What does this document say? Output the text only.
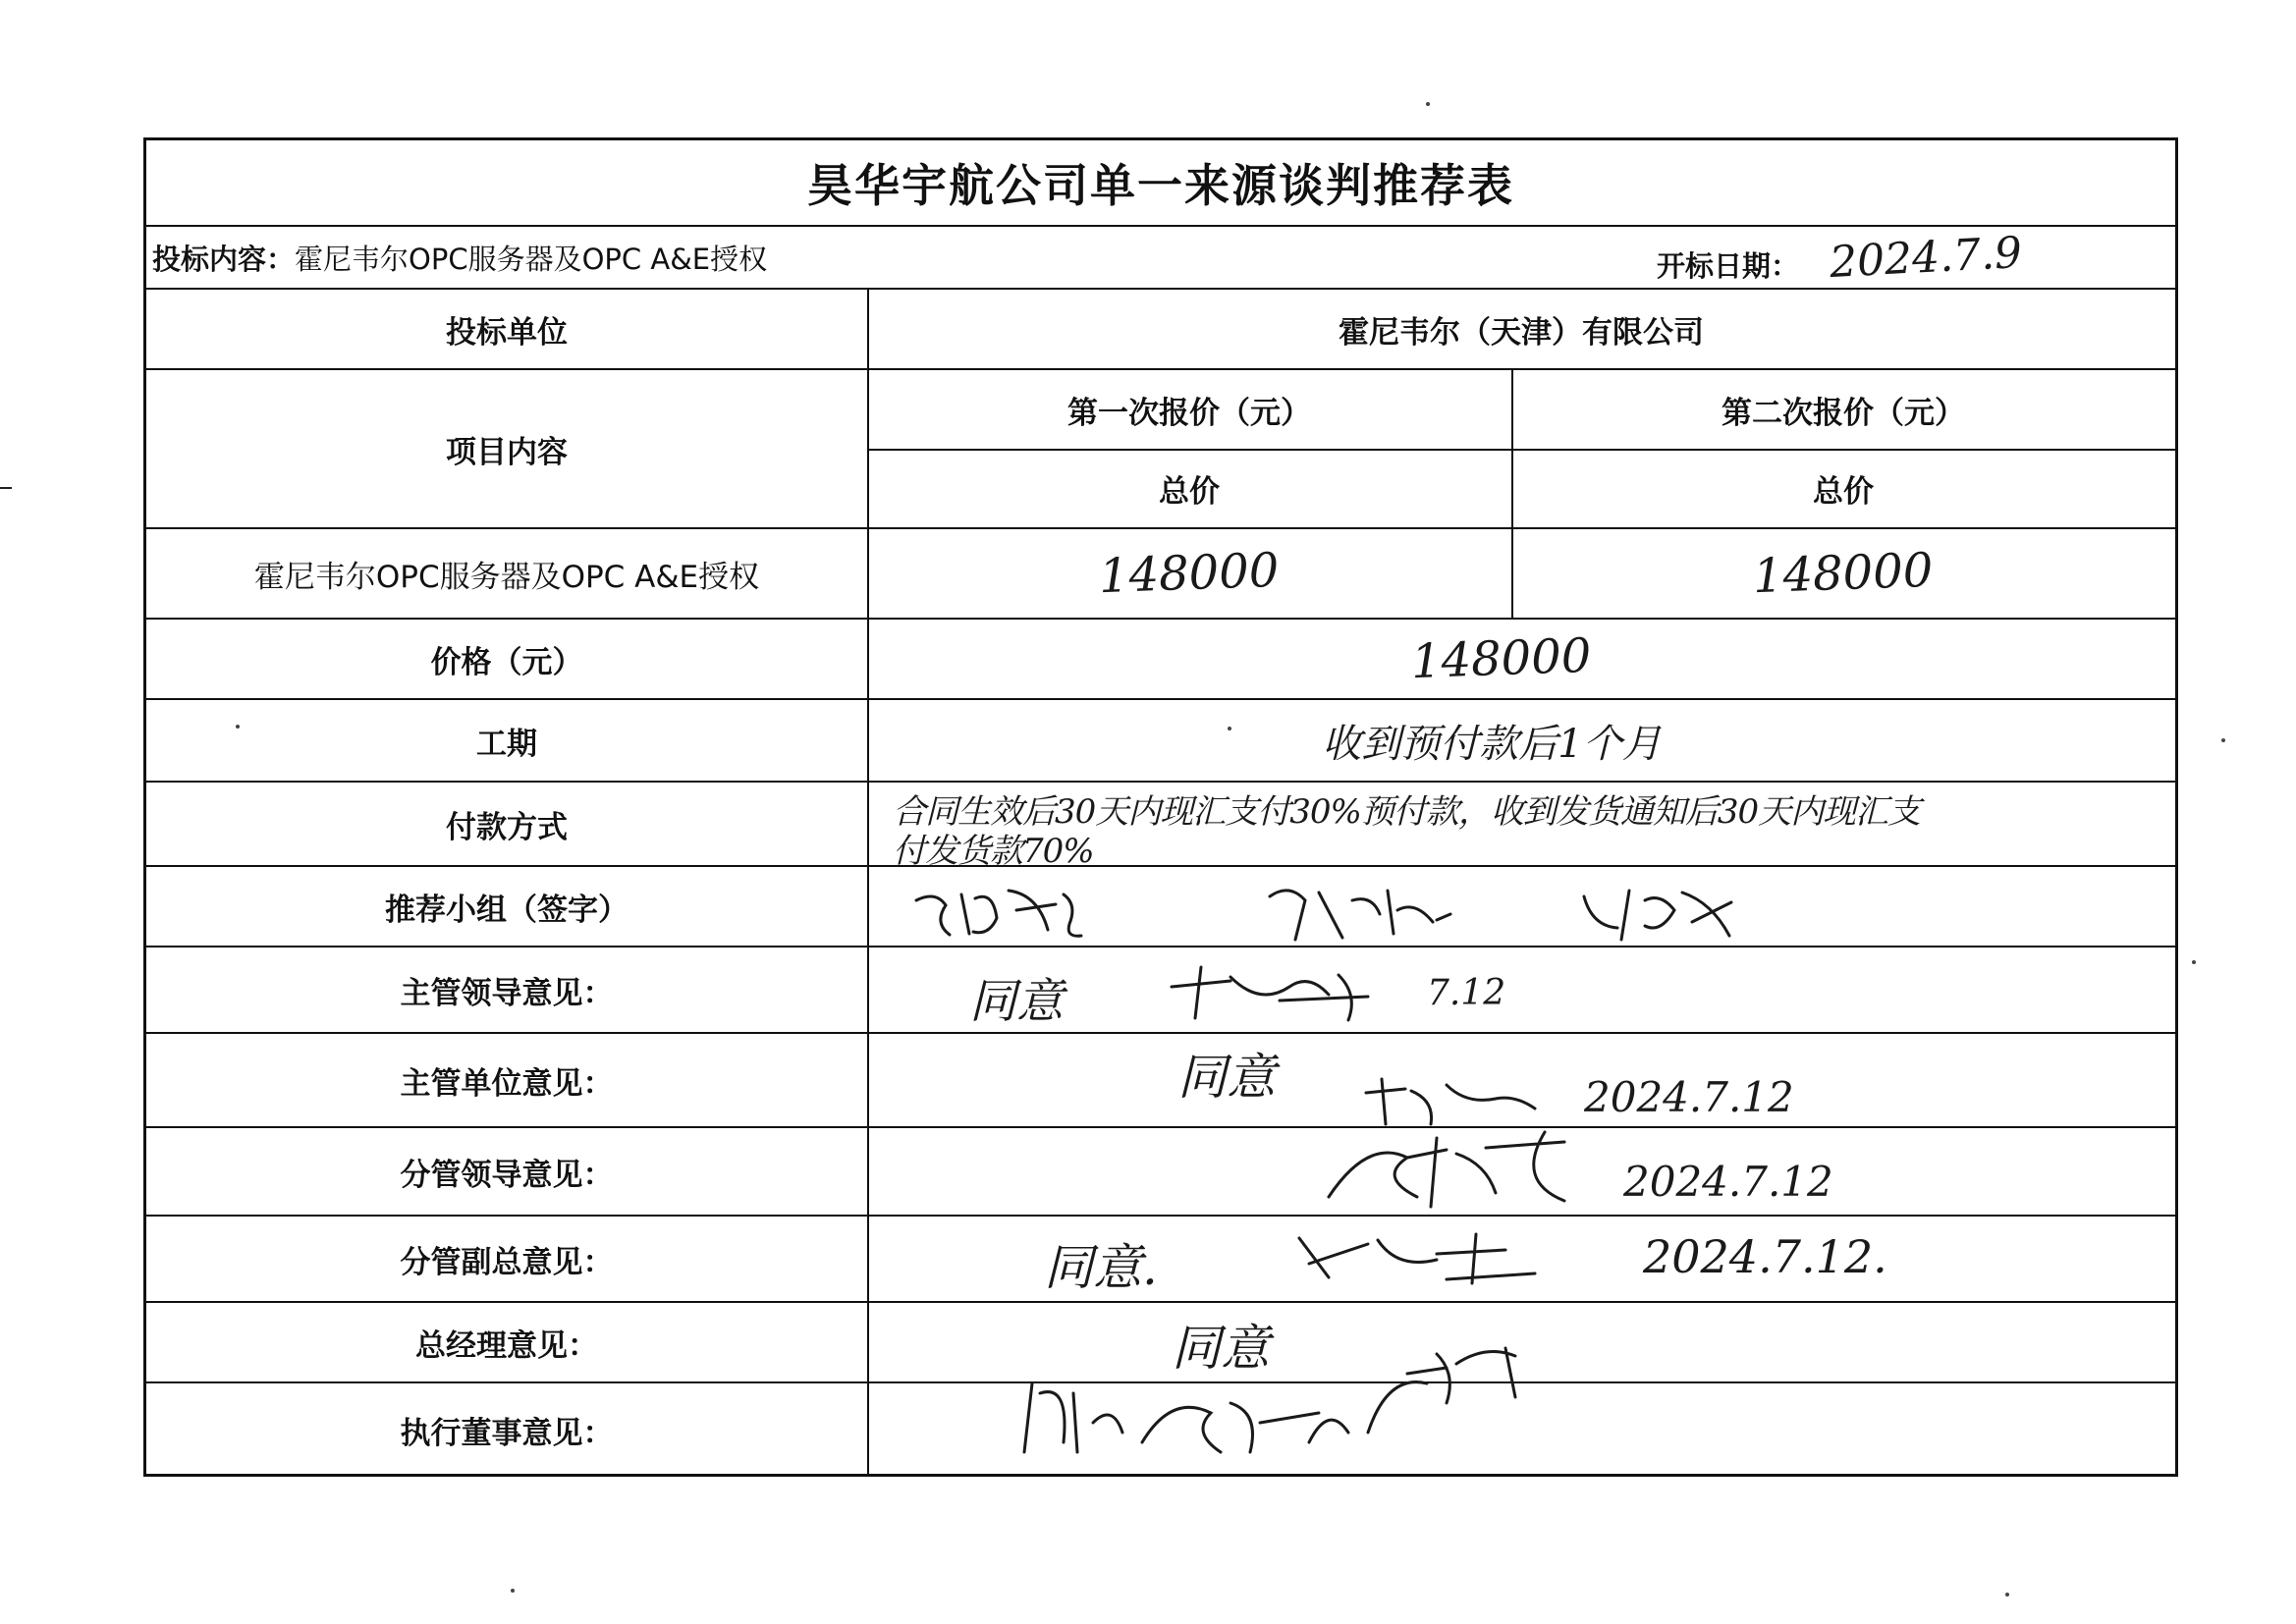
昊华宇航公司单一来源谈判推荐表
投标内容： 霍尼韦尔OPC服务器及OPC A&E授权	开标日期： 2024.7.9
投标单位	霍尼韦尔（天津）有限公司
项目内容
第一次报价（元）	第二次报价（元）
总价	总价
霍尼韦尔OPC服务器及OPC A&E授权	148000	148000
价格（元）	148000
工期	收到预付款后1个月
付款方式	合同生效后30天内现汇支付30%预付款，收到发货通知后30天内现汇支
付发货款70%
推荐小组（签字）
主管领导意见：	同意	7.12
主管单位意见：	同意	2024.7.12
分管领导意见：	2024.7.12
分管副总意见：	同意.	2024.7.12.
总经理意见：	同意
执行董事意见：
